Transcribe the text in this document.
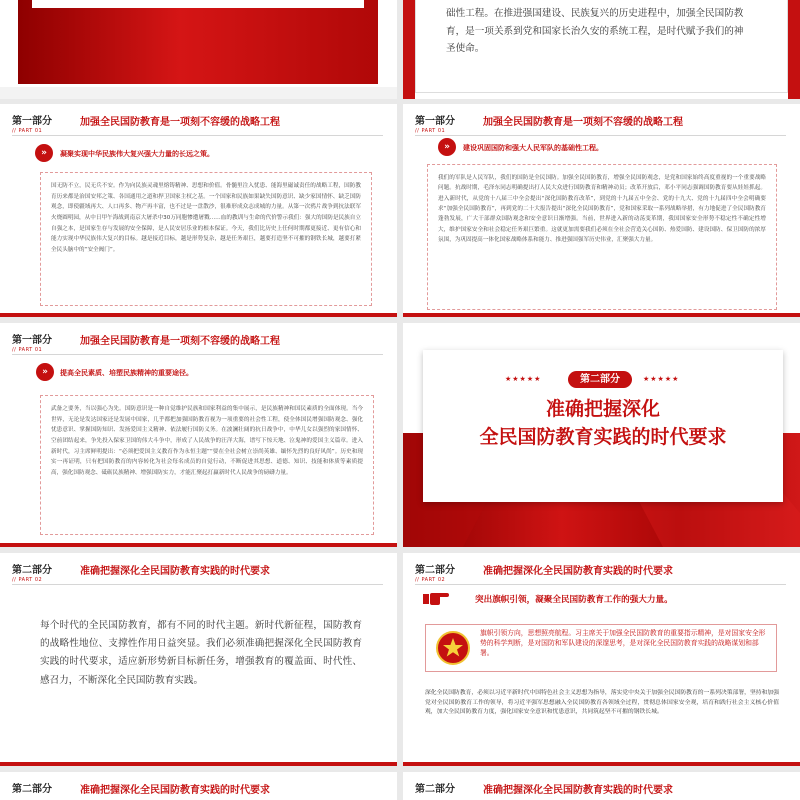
础性工程。在推进强国建设、民族复兴的历史进程中，加强全民国防教育，是一项关系到党和国家长治久安的系统工程，是时代赋予我们的神圣使命。
第一部分
// PART 01
加强全民国防教育是一项刻不容缓的战略工程
»	凝聚实现中华民族伟大复兴强大力量的长远之策。
国无防不立，民无兵不安。作为向民族灵魂里熔铸精神、思想和价值。骨髓里注入忧患、能海里磁诚责任的战略工程，国防教育历来都是治国安邦之策、各国通用之道和捍卫国家主权之基。一个国家和民族如果缺失国防意识、缺少家国情怀、缺乏国防观念，即使疆域再大、人口再多、物产再丰富，也不过是一盘散沙，很难形成众志成城的力量。从第一次鸦片战争到抗法联军火烧圆明园，从中日甲午海战到南京大屠杀中30万同胞惨遭屠戮……血的教训与生命的代价警示我们：强大的国防是民族自立自强之本，是国家生存与发展的安全保障，是人民安居乐业的根本保证。今天，我们比历史上任何时期都更接近、更有信心和能力实现中华民族伟大复兴的目标。越是接近目标，越是形势复杂，越是任务艰巨，越要打造坚不可摧的钢铁长城，越要打紧全民头脑中的“安全阀门”。
第一部分
// PART 01
加强全民国防教育是一项刻不容缓的战略工程
»	建设巩固国防和强大人民军队的基础性工程。
我们的军队是人民军队，我们的国防是全民国防。加强全民国防教育，增强全民国防观念，是党和国家始终高度重视的一个重要战略问题。抗战时期，毛泽东同志明确提出打人民大众进行国防教育和精神动员；改革开放后，邓小平同志强调国防教育要从娃娃抓起。进入新时代，从党的十八届三中全会提出“深化国防教育改革”，到党的十九届五中全会、党的十九大、党的十九届四中全会明确要求“加强全民国防教育”，再到党的二十大报告提出“深化全民国防教育”，党和国家采取一系列战略举措，有力地促进了全民国防教育蓬勃发展，广大干部群众国防观念和安全意识日渐增强。当前，世界进入新的动荡变革期，我国国家安全形势不稳定性不确定性增大，维护国家安全和社会稳定任务艰巨繁重。这就更加需要我们必须在全社会营造关心国防、热爱国防、建设国防、保卫国防的浓厚氛围，为巩固提高一体化国家战略体系和能力、推进强国强军历史伟业，汇聚强大力量。
第一部分
// PART 01
加强全民国防教育是一项刻不容缓的战略工程
»	提高全民素质、培塑民族精神的重要途径。
武备之要务，当以强心为先。国防意识是一种自觉维护民族和国家利益的集中展示，是民族精神和国民素质的全面体现。当今世界，无论是发达国家还是发展中国家，几乎都把加强国防教育视为一项重要的社会性工程，使全体国民增强国防观念、强化忧患意识、掌握国防知识、发扬爱国主义精神、依法履行国防义务。在波澜壮阔的抗日战争中，中华儿女以强烈的家国情怀、空前团结起来，争先投入保家卫国的伟大斗争中，形成了人民战争的汪洋大海，谱写下惊天地、泣鬼神的爱国主义篇章。进入新时代，习主席鲜明提出：“必须把爱国主义教育作为永恒主题”“要在全社会树立崇尚英雄、缅怀先烈的良好风尚”。历史和现实一再证明，只有把国防教育的内容转化为社会每名成员的自觉行动，不断促进其思想、道德、知识、技能和体质等素质提高，强化国防观念、砥砺民族精神、增强国防实力，才能汇聚起打赢新时代人民战争的磅礴力量。
★★★★★	第二部分	★★★★★
准确把握深化
全民国防教育实践的时代要求
第二部分
// PART 02
准确把握深化全民国防教育实践的时代要求
每个时代的全民国防教育，都有不同的时代主题。新时代新征程，国防教育的战略性地位、支撑性作用日益突显。我们必须准确把握深化全民国防教育实践的时代要求，适应新形势新目标新任务，增强教育的覆盖面、时代性、感召力，不断深化全民国防教育实践。
第二部分
// PART 02
准确把握深化全民国防教育实践的时代要求
突出旗帜引领，凝聚全民国防教育工作的强大力量。
旗帜引领方向，思想照亮航程。习主席关于加强全民国防教育的重要指示精神，是对国家安全形势的科学判断，是对国防和军队建设的深邃思考，是对深化全民国防教育实践的战略谋划和部署。
深化全民国防教育，必须以习近平新时代中国特色社会主义思想为指导，落实党中央关于加强全民国防教育的一系列决策部署，坚持和加强党对全民国防教育工作的领导，将习近平强军思想融入全民国防教育各领域全过程，贯彻总体国家安全观，培育和践行社会主义核心价值观，加大全民国防教育力度，强化国家安全意识和忧患意识，共同筑起坚不可摧的钢铁长城。
第二部分	准确把握深化全民国防教育实践的时代要求	第二部分	准确把握深化全民国防教育实践的时代要求
